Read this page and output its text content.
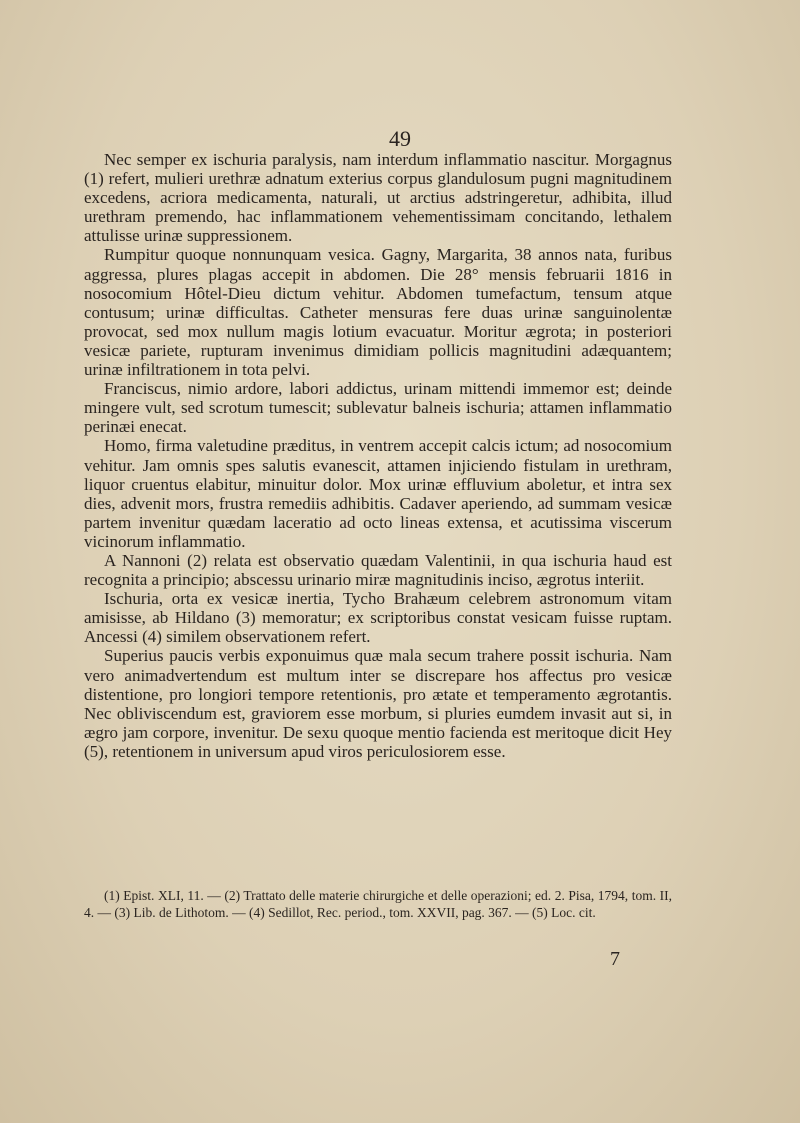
49

Nec semper ex ischuria paralysis, nam interdum inflammatio nascitur. Morgagnus (1) refert, mulieri urethræ adnatum exterius corpus glandulosum pugni magnitudinem excedens, acriora medicamenta, naturali, ut arctius adstringeretur, adhibita, illud urethram premendo, hac inflammationem vehementissimam concitando, lethalem attulisse urinæ suppressionem.

Rumpitur quoque nonnunquam vesica. Gagny, Margarita, 38 annos nata, furibus aggressa, plures plagas accepit in abdomen. Die 28° mensis februarii 1816 in nosocomium Hôtel-Dieu dictum vehitur. Abdomen tumefactum, tensum atque contusum; urinæ difficultas. Catheter mensuras fere duas urinæ sanguinolentæ provocat, sed mox nullum magis lotium evacuatur. Moritur ægrota; in posteriori vesicæ pariete, rupturam invenimus dimidiam pollicis magnitudini adæquantem; urinæ infiltrationem in tota pelvi.

Franciscus, nimio ardore, labori addictus, urinam mittendi immemor est; deinde mingere vult, sed scrotum tumescit; sublevatur balneis ischuria; attamen inflammatio perinæi enecat.

Homo, firma valetudine præditus, in ventrem accepit calcis ictum; ad nosocomium vehitur. Jam omnis spes salutis evanescit, attamen injiciendo fistulam in urethram, liquor cruentus elabitur, minuitur dolor. Mox urinæ effluvium aboletur, et intra sex dies, advenit mors, frustra remediis adhibitis. Cadaver aperiendo, ad summam vesicæ partem invenitur quædam laceratio ad octo lineas extensa, et acutissima viscerum vicinorum inflammatio.

A Nannoni (2) relata est observatio quædam Valentinii, in qua ischuria haud est recognita a principio; abscessu urinario miræ magnitudinis inciso, ægrotus interiit.

Ischuria, orta ex vesicæ inertia, Tycho Brahæum celebrem astronomum vitam amisisse, ab Hildano (3) memoratur; ex scriptoribus constat vesicam fuisse ruptam. Ancessi (4) similem observationem refert.

Superius paucis verbis exponuimus quæ mala secum trahere possit ischuria. Nam vero animadvertendum est multum inter se discrepare hos affectus pro vesicæ distentione, pro longiori tempore retentionis, pro ætate et temperamento ægrotantis. Nec obliviscendum est, graviorem esse morbum, si pluries eumdem invasit aut si, in ægro jam corpore, invenitur. De sexu quoque mentio facienda est meritoque dicit Hey (5), retentionem in universum apud viros periculosiorem esse.

(1) Epist. XLI, 11. — (2) Trattato delle materie chirurgiche et delle operazioni; ed. 2. Pisa, 1794, tom. II, 4. — (3) Lib. de Lithotom. — (4) Sedillot, Rec. period., tom. XXVII, pag. 367. — (5) Loc. cit.

7
